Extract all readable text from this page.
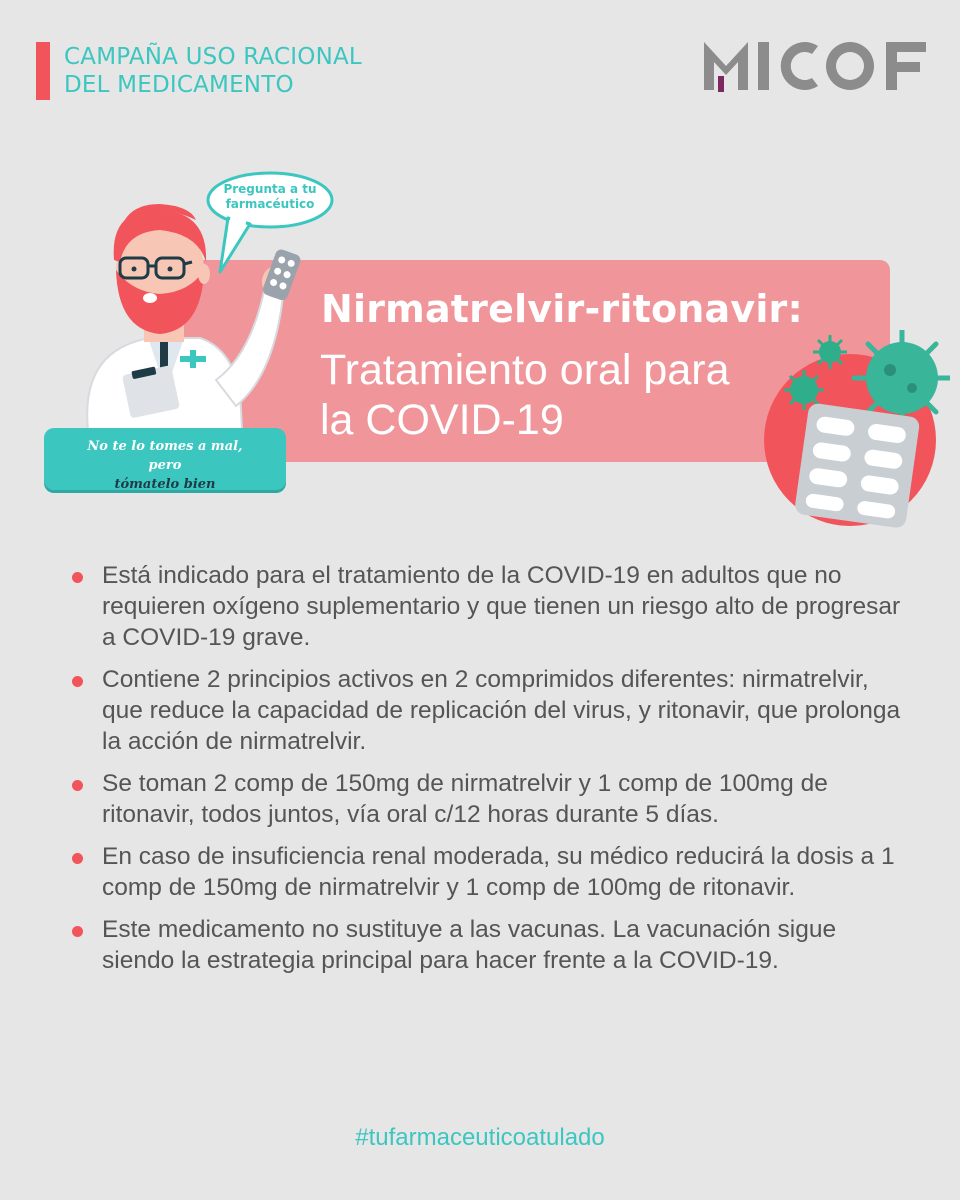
CAMPAÑA USO RACIONAL
DEL MEDICAMENTO
Nirmatrelvir-ritonavir:
Tratamiento oral para
la COVID-19

Pregunta a tu farmacéutico

No te lo tomes a mal,
pero
tómatelo bien

Está indicado para el tratamiento de la COVID-19 en adultos que no requieren oxígeno suplementario y que tienen un riesgo alto de progresar a COVID-19 grave.
Contiene 2 principios activos en 2 comprimidos diferentes: nirmatrelvir, que reduce la capacidad de replicación del virus, y ritonavir, que prolonga la acción de nirmatrelvir.
Se toman 2 comp de 150mg de nirmatrelvir y 1 comp de 100mg de ritonavir, todos juntos, vía oral c/12 horas durante 5 días.
En caso de insuficiencia renal moderada, su médico reducirá la dosis a 1 comp de 150mg de nirmatrelvir y 1 comp de 100mg de ritonavir.
Este medicamento no sustituye a las vacunas. La vacunación sigue siendo la estrategia principal para hacer frente a la COVID-19.

#tufarmaceuticoatulado
